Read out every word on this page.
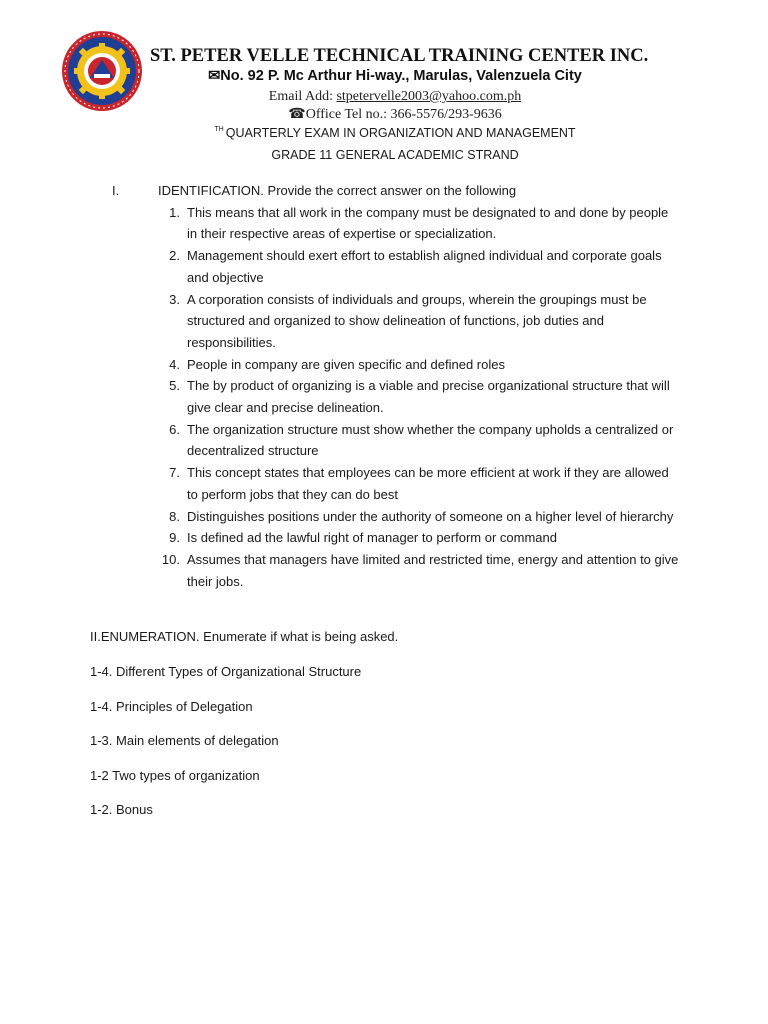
ST. PETER VELLE TECHNICAL TRAINING CENTER INC.
✉No. 92 P. Mc Arthur Hi-way., Marulas, Valenzuela City
Email Add: stpetervelle2003@yahoo.com.ph
☎Office Tel no.: 366-5576/293-9636
$^{TH}$ QUARTERLY EXAM IN ORGANIZATION AND MANAGEMENT
GRADE 11 GENERAL ACADEMIC STRAND
I.	IDENTIFICATION. Provide the correct answer on the following
1. This means that all work in the company must be designated to and done by people in their respective areas of expertise or specialization.
2. Management should exert effort to establish aligned individual and corporate goals and objective
3. A corporation consists of individuals and groups, wherein the groupings must be structured and organized to show delineation of functions, job duties and responsibilities.
4. People in company are given specific and defined roles
5. The by product of organizing is a viable and precise organizational structure that will give clear and precise delineation.
6. The organization structure must show whether the company upholds a centralized or decentralized structure
7. This concept states that employees can be more efficient at work if they are allowed to perform jobs that they can do best
8. Distinguishes positions under the authority of someone on a higher level of hierarchy
9. Is defined ad the lawful right of manager to perform or command
10. Assumes that managers have limited and restricted time, energy and attention to give their jobs.
II.ENUMERATION. Enumerate if what is being asked.
1-4. Different Types of Organizational Structure
1-4. Principles of Delegation
1-3. Main elements of delegation
1-2 Two types of organization
1-2. Bonus
